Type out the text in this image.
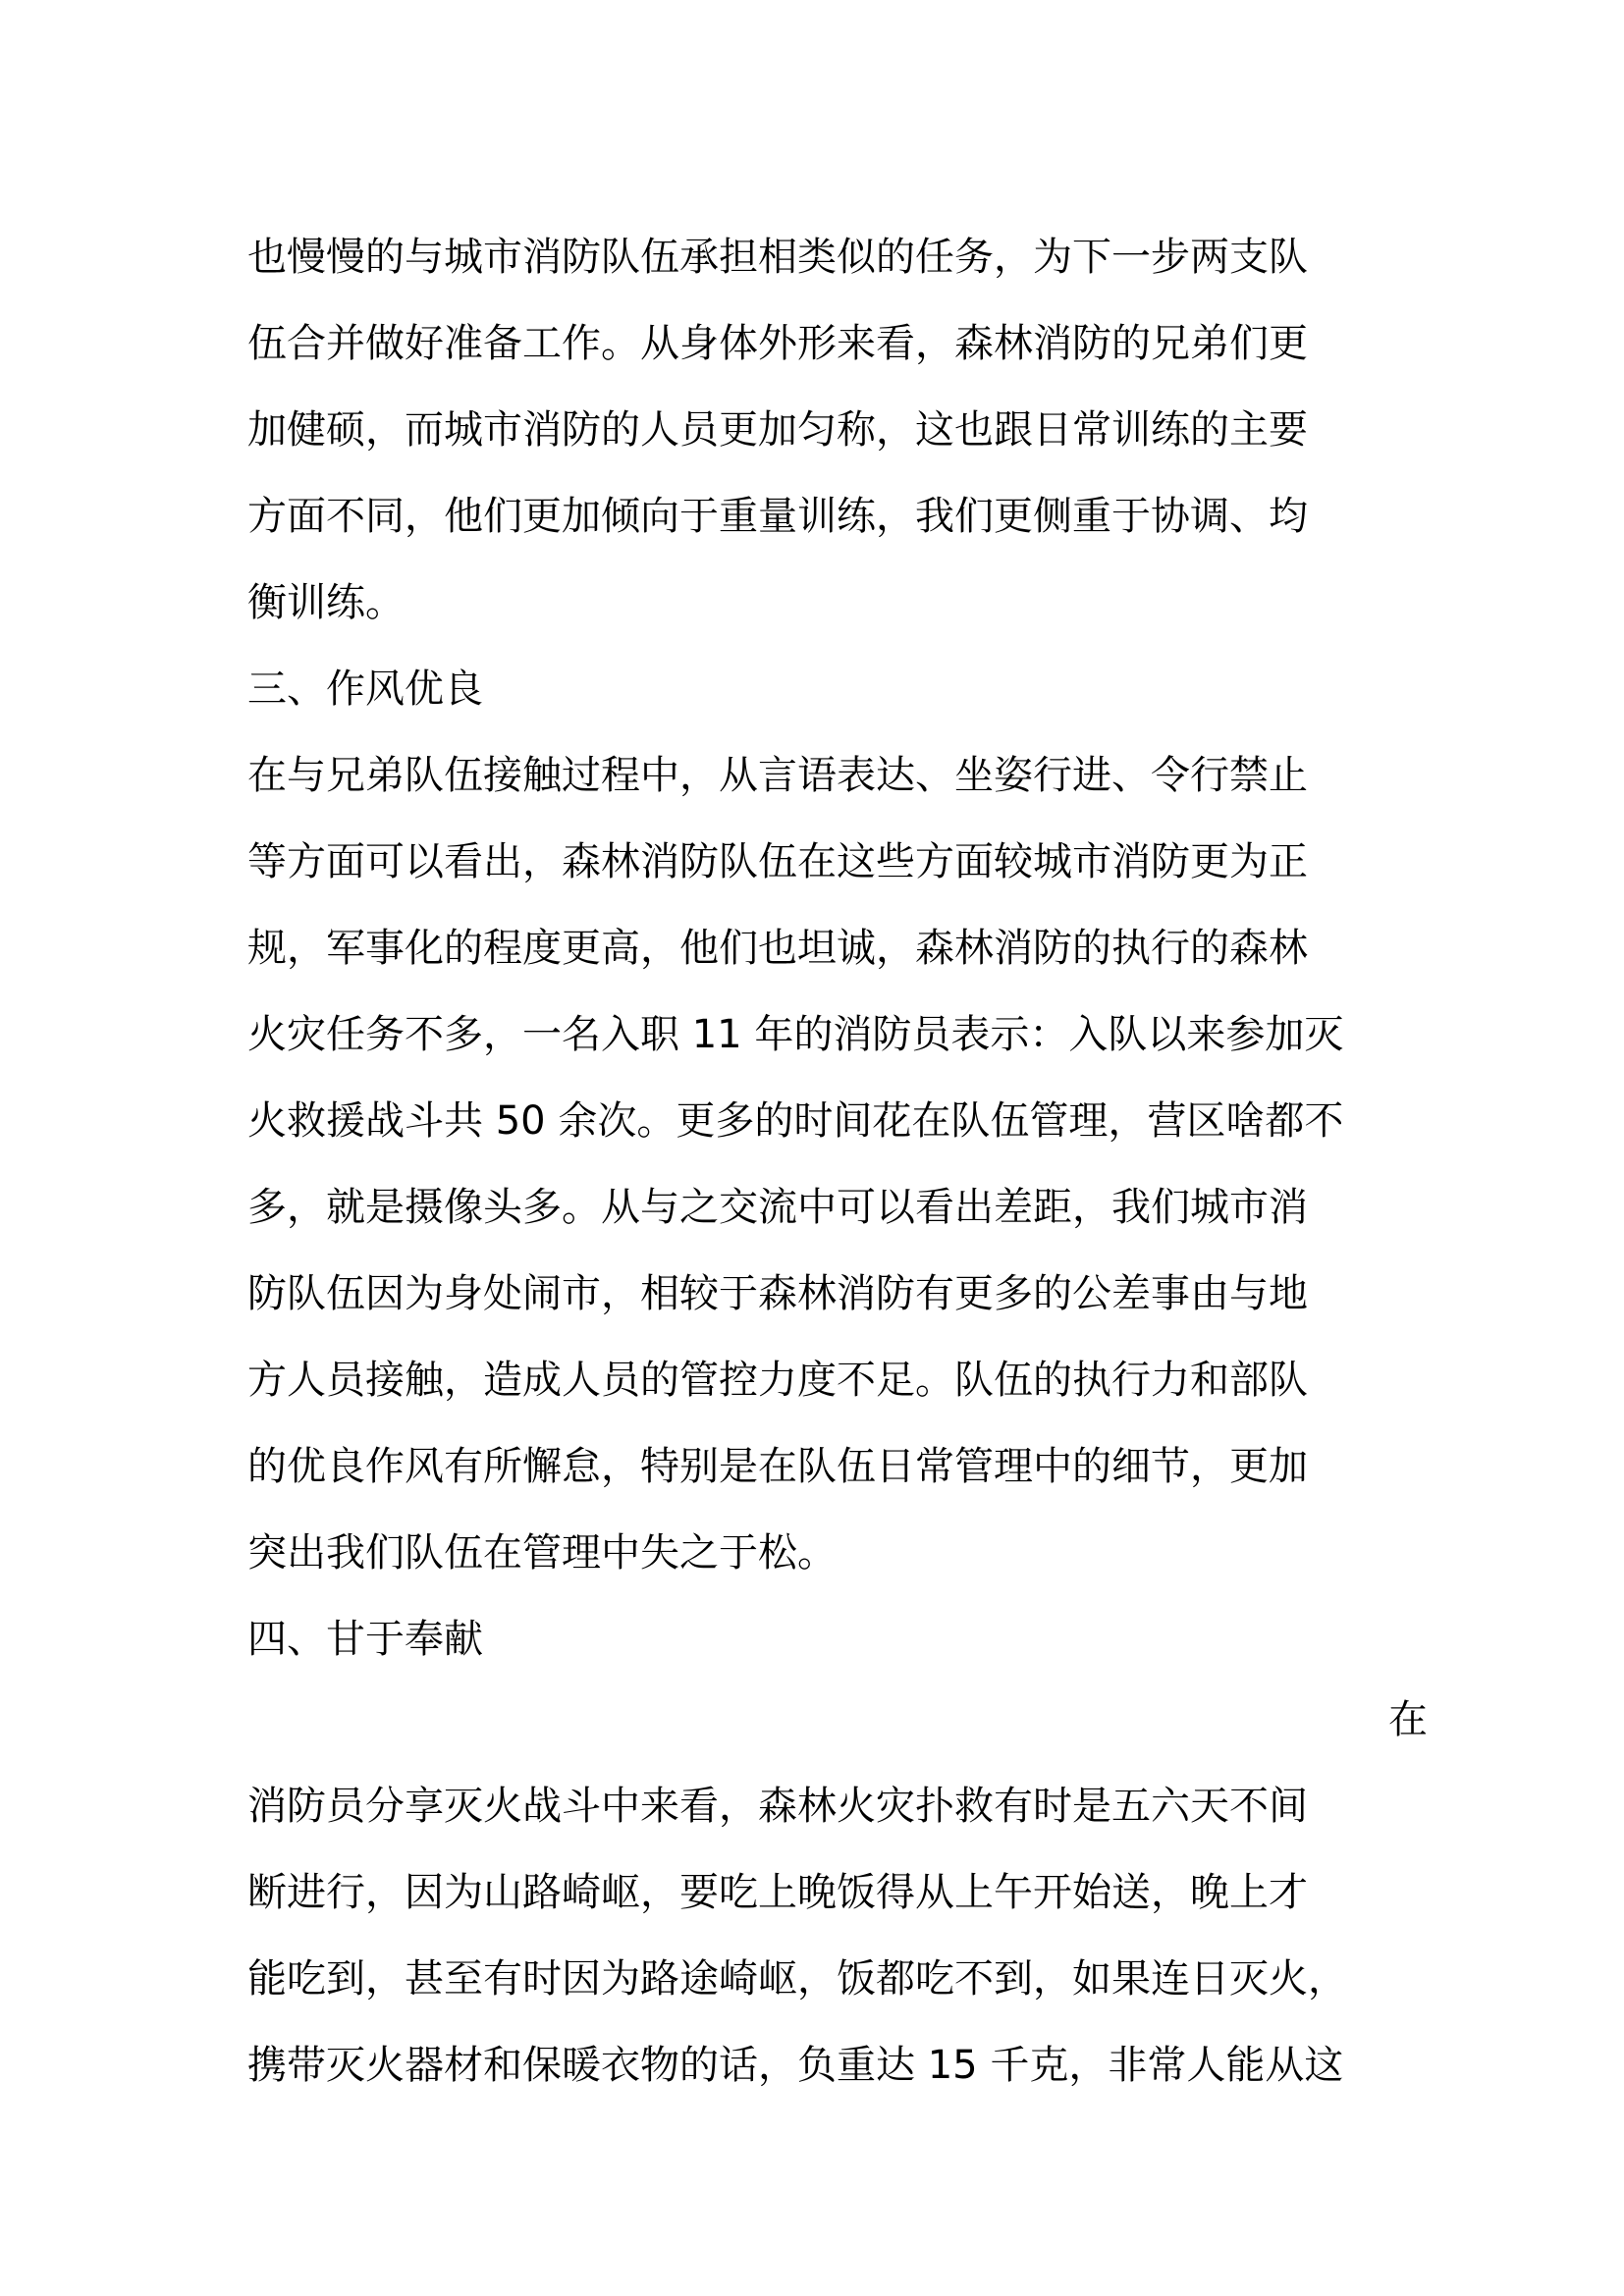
也慢慢的与城市消防队伍承担相类似的任务，为下一步两支队
伍合并做好准备工作。从身体外形来看，森林消防的兄弟们更
加健硕，而城市消防的人员更加匀称，这也跟日常训练的主要
方面不同，他们更加倾向于重量训练，我们更侧重于协调、均
衡训练。
三、作风优良
在与兄弟队伍接触过程中，从言语表达、坐姿行进、令行禁止
等方面可以看出，森林消防队伍在这些方面较城市消防更为正
规，军事化的程度更高，他们也坦诚，森林消防的执行的森林
火灾任务不多，一名入职 11 年的消防员表示：入队以来参加灭
火救援战斗共 50 余次。更多的时间花在队伍管理，营区啥都不
多，就是摄像头多。从与之交流中可以看出差距，我们城市消
防队伍因为身处闹市，相较于森林消防有更多的公差事由与地
方人员接触，造成人员的管控力度不足。队伍的执行力和部队
的优良作风有所懈怠，特别是在队伍日常管理中的细节，更加
突出我们队伍在管理中失之于松。
四、甘于奉献
在
消防员分享灭火战斗中来看，森林火灾扑救有时是五六天不间
断进行，因为山路崎岖，要吃上晚饭得从上午开始送，晚上才
能吃到，甚至有时因为路途崎岖，饭都吃不到，如果连日灭火，
携带灭火器材和保暖衣物的话，负重达 15 千克，非常人能从这
